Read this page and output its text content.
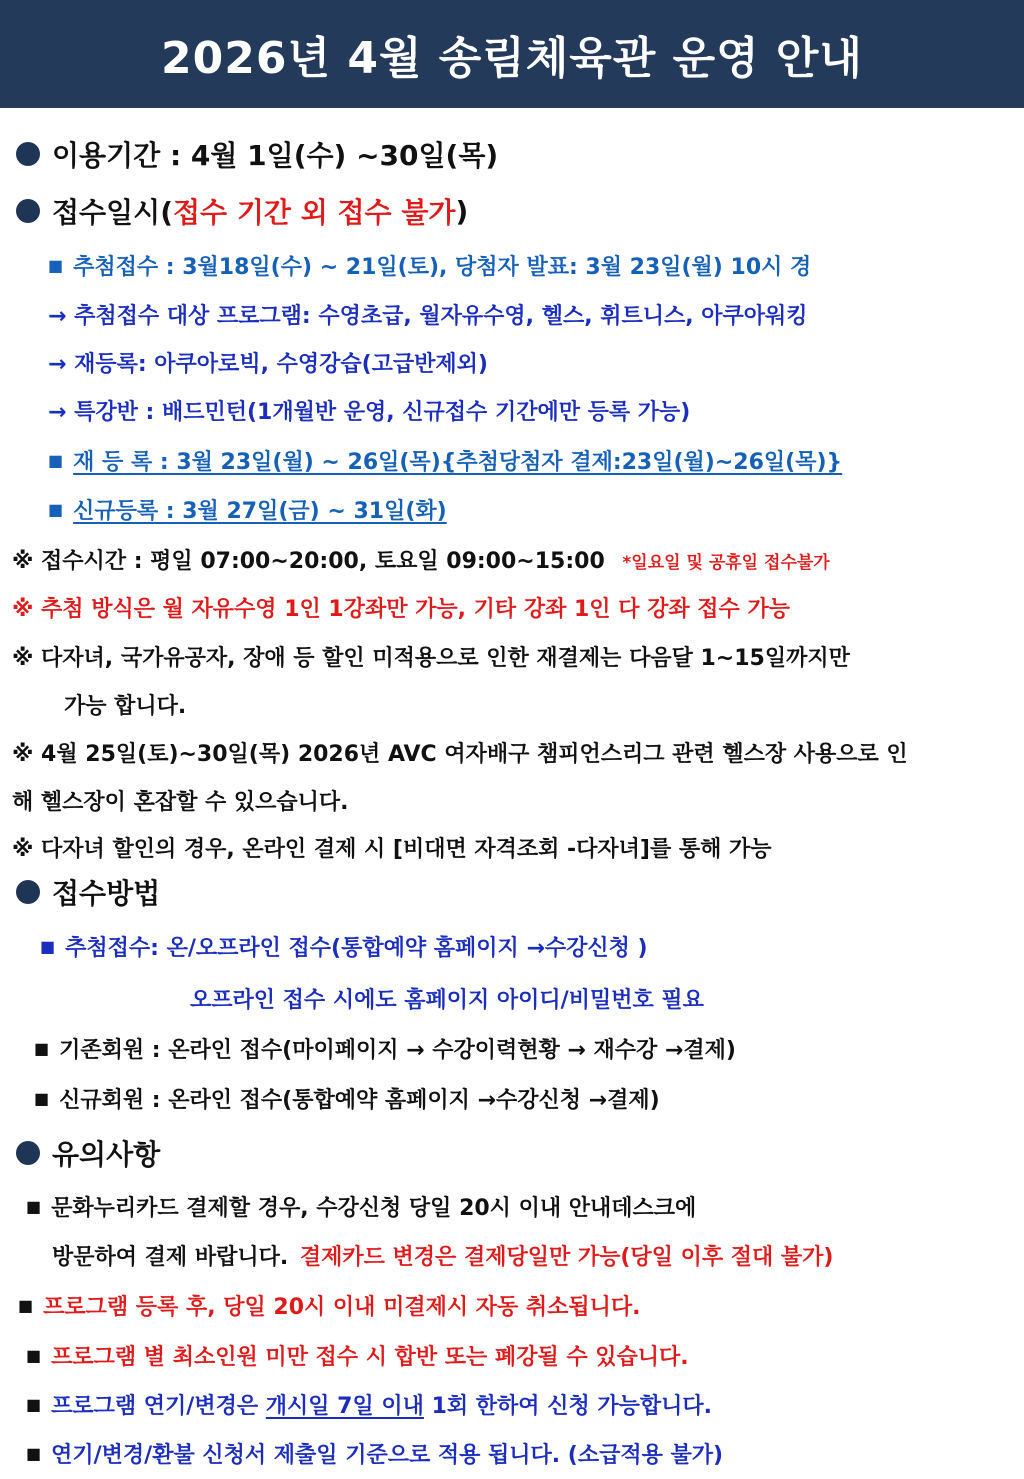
2026년 4월 송림체육관 운영 안내
이용기간 : 4월 1일(수) ~30일(목)
접수일시( 접수 기간 외 접수 불가 )
■ 추첨접수 : 3월18일(수) ~ 21일(토), 당첨자 발표: 3월 23일(월) 10시 경
→ 추첨접수 대상 프로그램: 수영초급, 월자유수영, 헬스, 휘트니스, 아쿠아워킹
→ 재등록: 아쿠아로빅, 수영강습(고급반제외)
→ 특강반 : 배드민턴(1개월반 운영, 신규접수 기간에만 등록 가능)
■ 재 등 록 : 3월 23일(월) ~ 26일(목){추첨당첨자 결제:23일(월)~26일(목)}
■ 신규등록 : 3월 27일(금) ~ 31일(화)
※ 접수시간 : 평일 07:00~20:00, 토요일 09:00~15:00 *일요일 및 공휴일 접수불가
※ 추첨 방식은 월 자유수영 1인 1강좌만 가능, 기타 강좌 1인 다 강좌 접수 가능
※ 다자녀, 국가유공자, 장애 등 할인 미적용으로 인한 재결제는 다음달 1~15일까지만
가능 합니다.
※ 4월 25일(토)~30일(목) 2026년 AVC 여자배구 챔피언스리그 관련 헬스장 사용으로 인
해 헬스장이 혼잡할 수 있으습니다.
※ 다자녀 할인의 경우, 온라인 결제 시 [비대면 자격조회 -다자녀]를 통해 가능
접수방법
■ 추첨접수: 온/오프라인 접수(통합예약 홈페이지 →수강신청 )
오프라인 접수 시에도 홈페이지 아이디/비밀번호 필요
■ 기존회원 : 온라인 접수(마이페이지 → 수강이력현황 → 재수강 →결제)
■ 신규회원 : 온라인 접수(통합예약 홈페이지 →수강신청 →결제)
유의사항
■ 문화누리카드 결제할 경우, 수강신청 당일 20시 이내 안내데스크에
방문하여 결제 바랍니다. 결제카드 변경은 결제당일만 가능(당일 이후 절대 불가)
■ 프로그램 등록 후, 당일 20시 이내 미결제시 자동 취소됩니다.
■ 프로그램 별 최소인원 미만 접수 시 합반 또는 폐강될 수 있습니다.
■ 프로그램 연기/변경은 개시일 7일 이내 1회 한하여 신청 가능합니다.
■ 연기/변경/환불 신청서 제출일 기준으로 적용 됩니다. (소급적용 불가)
